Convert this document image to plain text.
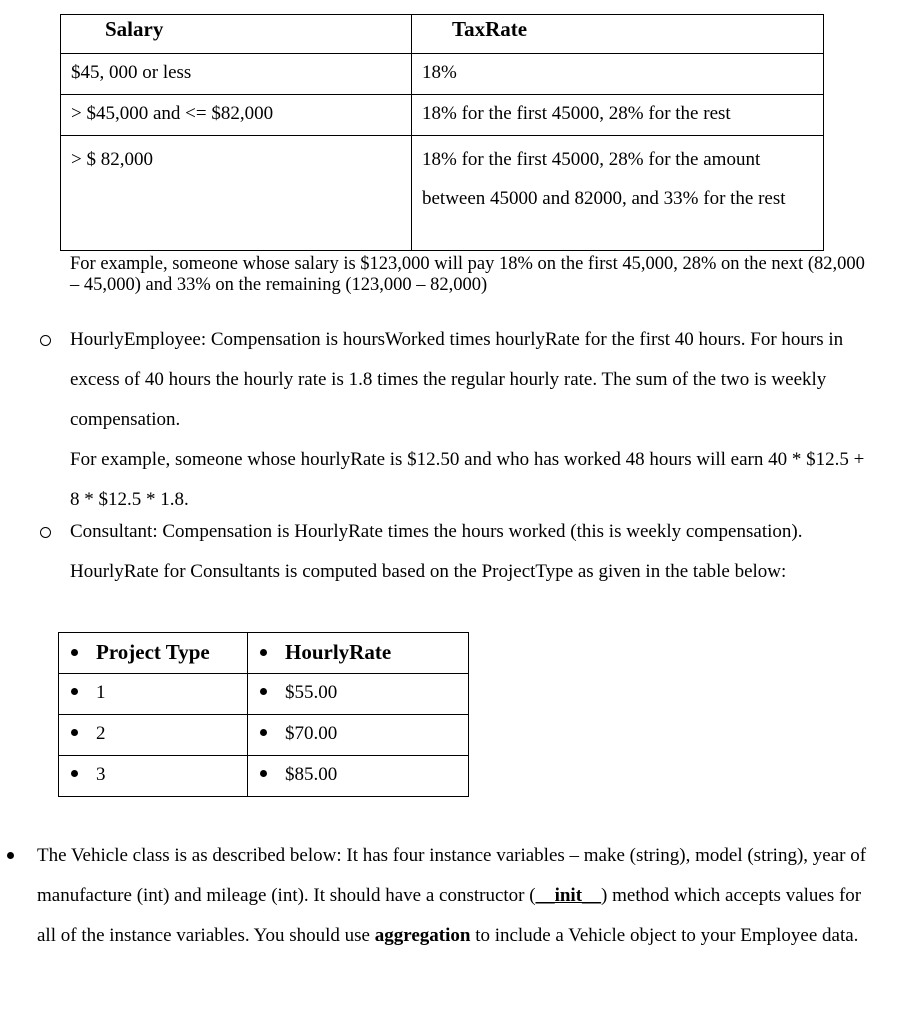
Salary	TaxRate
$45, 000 or less	18%
> $45,000 and <= $82,000	18% for the first 45000, 28% for the rest
> $ 82,000	18% for the first 45000, 28% for the amount between 45000 and 82000, and 33% for the rest
For example, someone whose salary is $123,000 will pay 18% on the first 45,000, 28% on the next (82,000 – 45,000) and 33% on the remaining (123,000 – 82,000)
HourlyEmployee: Compensation is hoursWorked times hourlyRate for the first 40 hours. For hours in excess of 40 hours the hourly rate is 1.8 times the regular hourly rate. The sum of the two is weekly compensation.
For example, someone whose hourlyRate is $12.50 and who has worked 48 hours will earn 40 * $12.5 + 8 * $12.5 * 1.8.
Consultant: Compensation is HourlyRate times the hours worked (this is weekly compensation). HourlyRate for Consultants is computed based on the ProjectType as given in the table below:
Project Type	HourlyRate
1	$55.00
2	$70.00
3	$85.00
The Vehicle class is as described below: It has four instance variables – make (string), model (string), year of manufacture (int) and mileage (int). It should have a constructor (__init__) method which accepts values for all of the instance variables. You should use aggregation to include a Vehicle object to your Employee data.
